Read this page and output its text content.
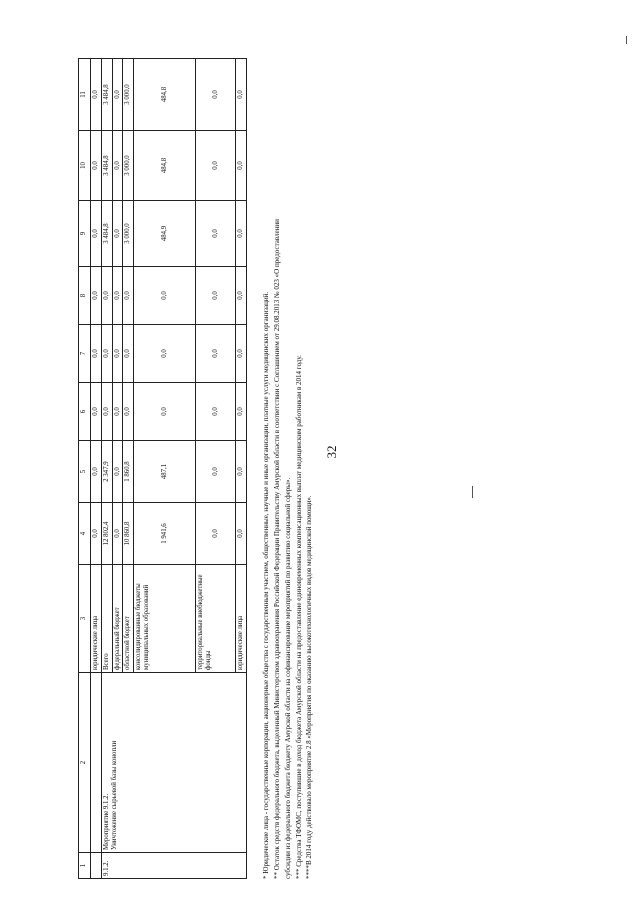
32
1	2	3	4	5	6	7	8	9	10	11
		юридические лица	0,0	0,0	0,0	0,0	0,0	0,0	0,0	0,0
9.1.2.	Мероприятие 9.1.2. Уничтожение сырьевой базы конопли	Всего	12 802,4	2 347,9	0,0	0,0	0,0	3 484,8	3 484,8	3 484,8
		федеральный бюджет	0,0	0,0	0,0	0,0	0,0	0,0	0,0	0,0
		областной бюджет	10 860,8	1 860,8	0,0	0,0	0,0	3 000,0	3 000,0	3 000,0
		консолидированные бюджеты муниципальных образований	1 941,6	487,1	0,0	0,0	0,0	484,9	484,8	484,8
		территориальные внебюджетные фонды	0,0	0,0	0,0	0,0	0,0	0,0	0,0	0,0
		юридические лица	0,0	0,0	0,0	0,0	0,0	0,0	0,0	0,0
* Юридические лица - государственные корпорации, акционерные общества с государственным участием, общественные, научные и иные организации, платные услуги медицинских организаций. ** Остаток средств федерального бюджета, выделенный Министерством здравоохранения Российской Федерации Правительству Амурской области в соответствии с Соглашением от 29.08.2013 № 023 «О предоставлении субсидии из федерального бюджета бюджету Амурской области на софинансирование мероприятий по развитию социальной сферы». *** Средства ТФОМС, поступившие в доход бюджета Амурской области на предоставление единовременных компенсационных выплат медицинским работникам в 2014 году. ****В 2014 году действовало мероприятие 2.8 «Мероприятия по оказанию высокотехнологичных видов медицинской помощи».
